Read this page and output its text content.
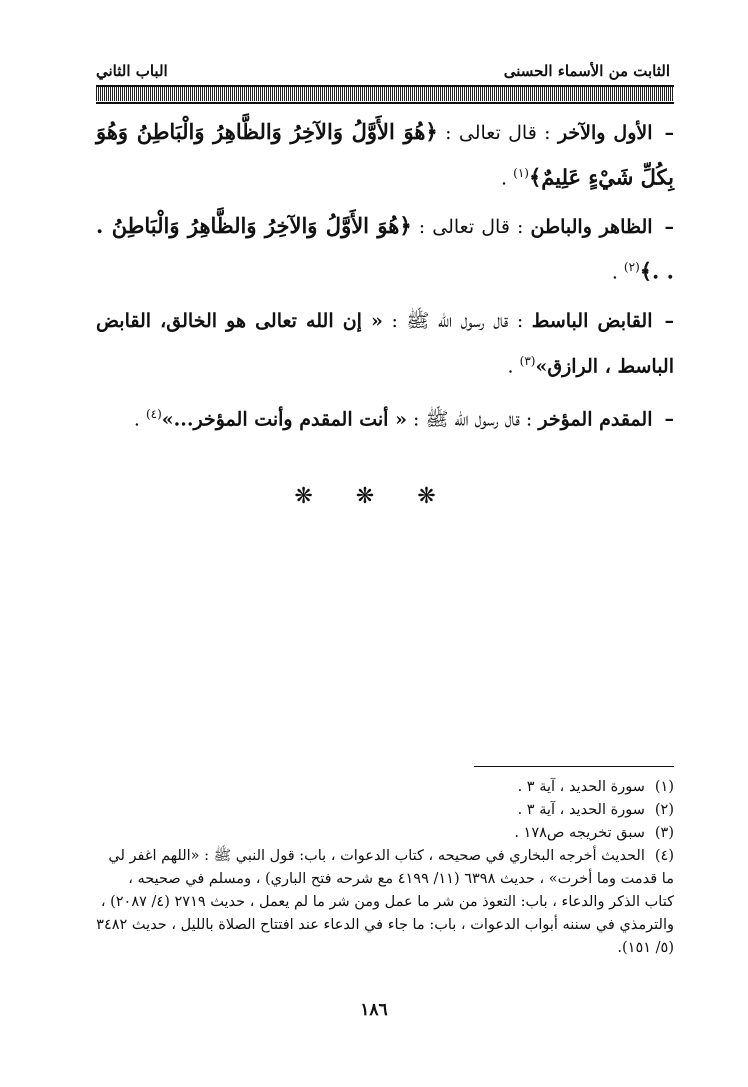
الثابت من الأسماء الحسنى
الباب الثاني

–الأول والآخر : قال تعالى : ﴿هُوَ الأَوَّلُ وَالآخِرُ وَالظَّاهِرُ وَالْبَاطِنُ وَهُوَ بِكُلِّ شَيْءٍ عَلِيمٌ﴾$^{(١)}$ .

–الظاهر والباطن : قال تعالى : ﴿هُوَ الأَوَّلُ وَالآخِرُ وَالظَّاهِرُ وَالْبَاطِنُ . . .﴾$^{(٢)}$ .

–القابض الباسط : قال رسول الله ﷺ : « إن الله تعالى هو الخالق، القابض الباسط ، الرازق»$^{(٣)}$ .

–المقدم المؤخر : قال رسول الله ﷺ : « أنت المقدم وأنت المؤخر...»$^{(٤)}$ .

❋ ❋ ❋

(١)سورة الحديد ، آية ٣ .

(٢)سورة الحديد ، آية ٣ .

(٣)سبق تخريجه ص١٧٨ .

(٤)الحديث أخرجه البخاري في صحيحه ، كتاب الدعوات ، باب: قول النبي ﷺ : «اللهم اغفر لي ما قدمت وما أخرت» ، حديث ٦٣٩٨ (١١/ ٤١٩٩ مع شرحه فتح الباري) ، ومسلم في صحيحه ، كتاب الذكر والدعاء ، باب: التعوذ من شر ما عمل ومن شر ما لم يعمل ، حديث ٢٧١٩ (٤/ ٢٠٨٧) ، والترمذي في سننه أبواب الدعوات ، باب: ما جاء في الدعاء عند افتتاح الصلاة بالليل ، حديث ٣٤٨٢ (٥/ ١٥١).

١٨٦
